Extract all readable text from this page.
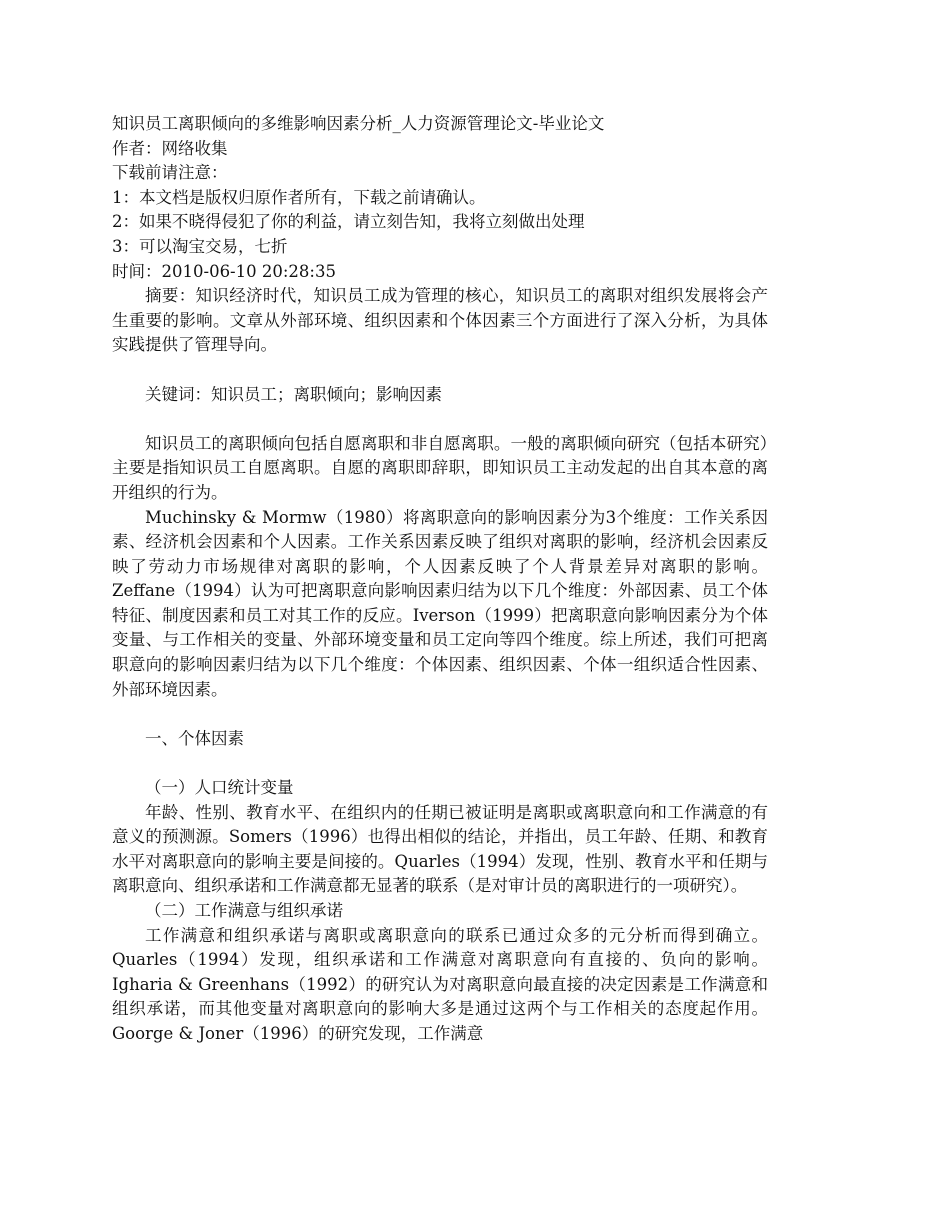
知识员工离职倾向的多维影响因素分析_人力资源管理论文-毕业论文
作者：网络收集
下载前请注意：
1：本文档是版权归原作者所有，下载之前请确认。
2：如果不晓得侵犯了你的利益，请立刻告知，我将立刻做出处理
3：可以淘宝交易，七折
时间：2010-06-10 20:28:35

摘要：知识经济时代，知识员工成为管理的核心，知识员工的离职对组织发展将会产生重要的影响。文章从外部环境、组织因素和个体因素三个方面进行了深入分析，为具体实践提供了管理导向。

关键词：知识员工；离职倾向；影响因素

知识员工的离职倾向包括自愿离职和非自愿离职。一般的离职倾向研究（包括本研究）主要是指知识员工自愿离职。自愿的离职即辞职，即知识员工主动发起的出自其本意的离开组织的行为。

Muchinsky & Mormw（1980）将离职意向的影响因素分为3个维度：工作关系因素、经济机会因素和个人因素。工作关系因素反映了组织对离职的影响，经济机会因素反映了劳动力市场规律对离职的影响，个人因素反映了个人背景差异对离职的影响。Zeffane（1994）认为可把离职意向影响因素归结为以下几个维度：外部因素、员工个体特征、制度因素和员工对其工作的反应。Iverson（1999）把离职意向影响因素分为个体变量、与工作相关的变量、外部环境变量和员工定向等四个维度。综上所述，我们可把离职意向的影响因素归结为以下几个维度：个体因素、组织因素、个体一组织适合性因素、外部环境因素。

一、个体因素

（一）人口统计变量

年龄、性别、教育水平、在组织内的任期已被证明是离职或离职意向和工作满意的有意义的预测源。Somers（1996）也得出相似的结论，并指出，员工年龄、任期、和教育水平对离职意向的影响主要是间接的。Quarles（1994）发现，性别、教育水平和任期与离职意向、组织承诺和工作满意都无显著的联系（是对审计员的离职进行的一项研究）。

（二）工作满意与组织承诺

工作满意和组织承诺与离职或离职意向的联系已通过众多的元分析而得到确立。Quarles（1994）发现，组织承诺和工作满意对离职意向有直接的、负向的影响。Igharia & Greenhans（1992）的研究认为对离职意向最直接的决定因素是工作满意和组织承诺，而其他变量对离职意向的影响大多是通过这两个与工作相关的态度起作用。Goorge & Joner（1996）的研究发现，工作满意
